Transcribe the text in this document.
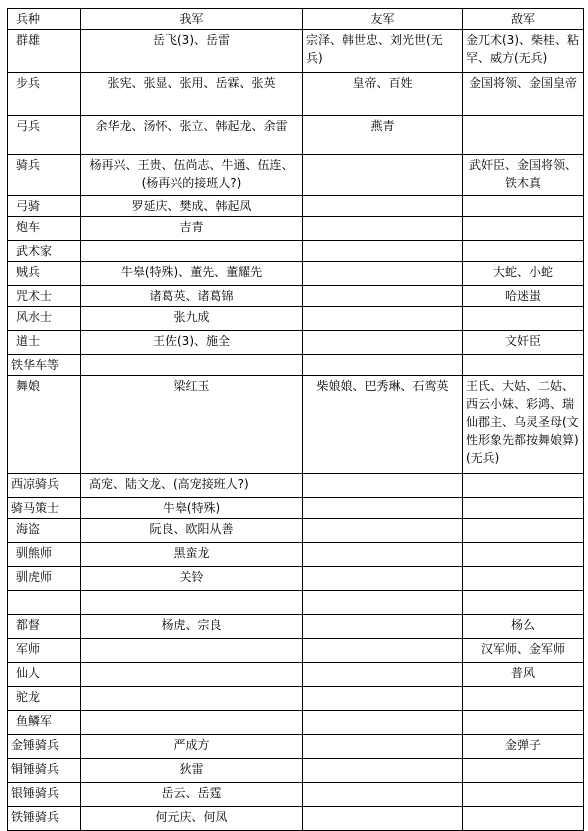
兵种	我军	友军	敌军
群雄	岳飞(3)、岳雷	宗泽、韩世忠、刘光世(无兵)	金兀术(3)、柴桂、粘罕、威方(无兵)
步兵	张宪、张显、张用、岳霖、张英	皇帝、百姓	金国将领、金国皇帝
弓兵	余华龙、汤怀、张立、韩起龙、余雷	燕青	
骑兵	杨再兴、王贵、伍尚志、牛通、伍连、(杨再兴的接班人?)		武奸臣、金国将领、铁木真
弓骑	罗延庆、樊成、韩起凤		
炮车	吉青		
武术家			
贼兵	牛皋(特殊)、董先、董耀先		大蛇、小蛇
咒术士	诸葛英、诸葛锦		哈迷蚩
风水士	张九成		
道士	王佐(3)、施全		文奸臣
铁华车等			
舞娘	梁红玉	柴娘娘、巴秀琳、石鸾英	王氏、大姑、二姑、西云小妹、彩鸿、瑞仙郡主、乌灵圣母(文性形象先都按舞娘算)(无兵)
西凉骑兵	高宠、陆文龙、(高宠接班人?)		
骑马策士	牛皋(特殊)		
海盗	阮良、欧阳从善		
驯熊师	黑蛮龙		
驯虎师	关铃		

都督	杨虎、宗良		杨么
军师			汉军师、金军师
仙人			普风
驼龙			
鱼鳞军			
金锤骑兵	严成方		金弹子
铜锤骑兵	狄雷		
银锤骑兵	岳云、岳霆		
铁锤骑兵	何元庆、何凤		
